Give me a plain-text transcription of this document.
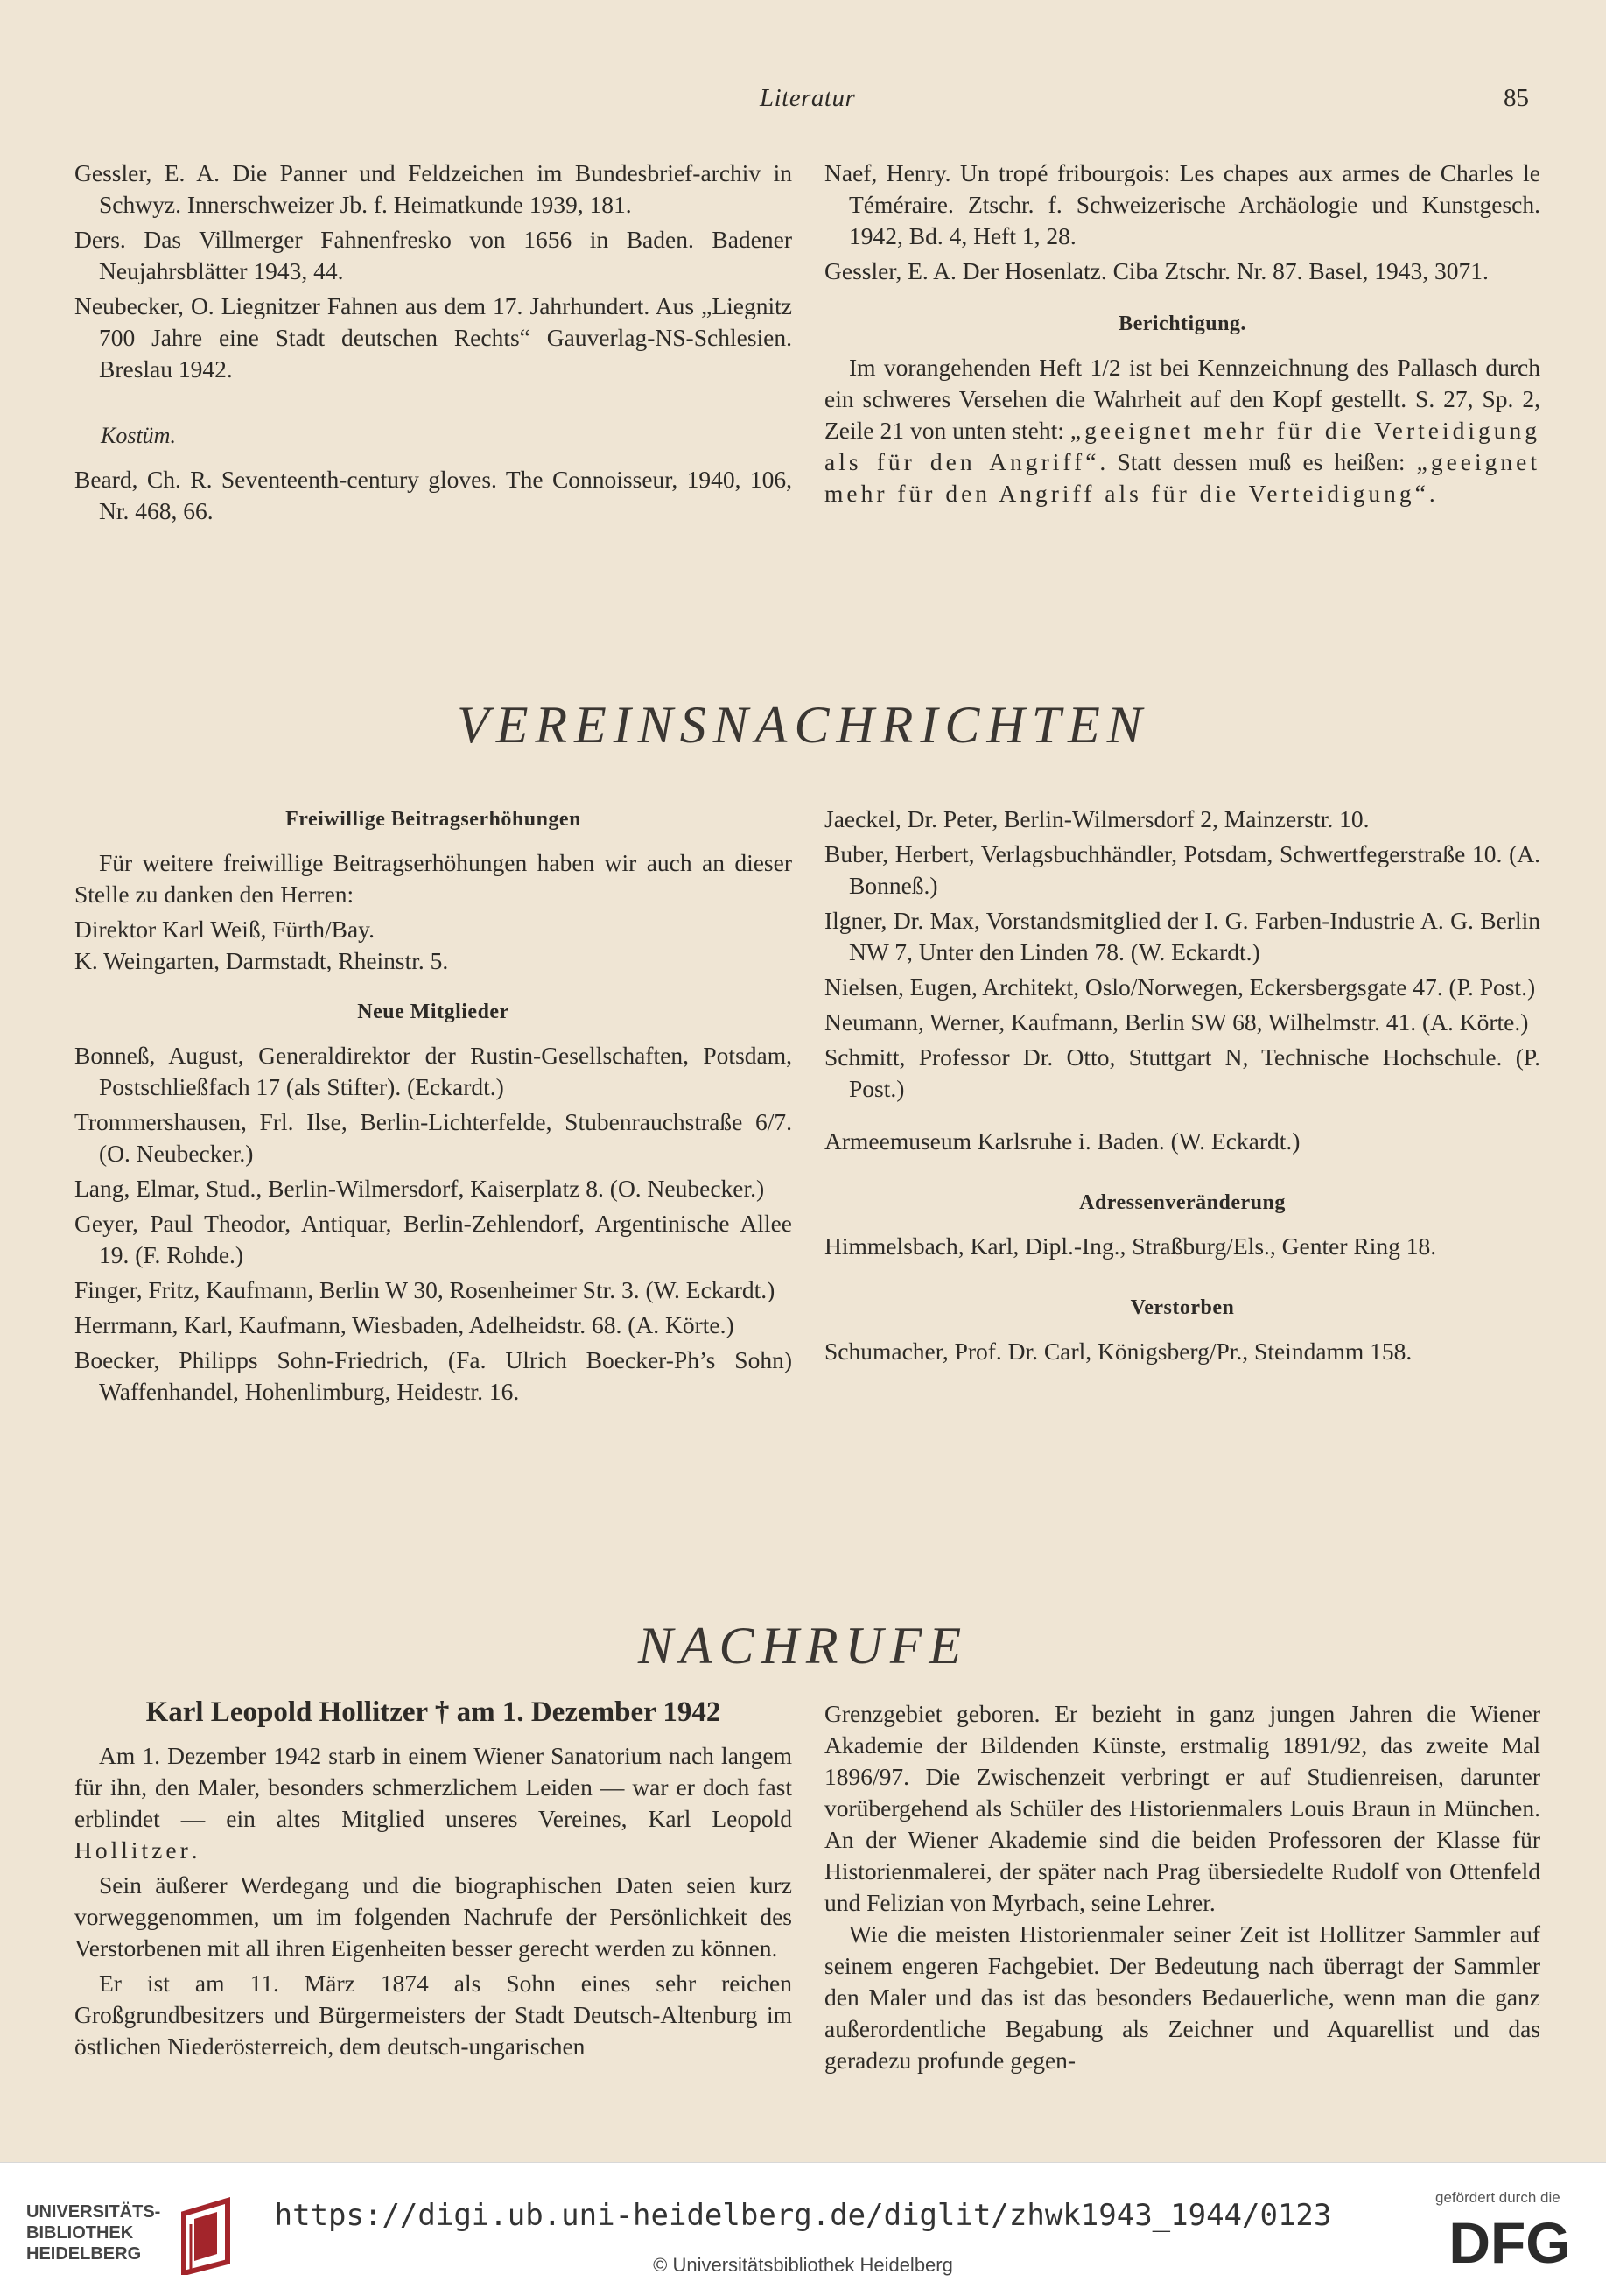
Literatur	85

Gessler, E. A. Die Panner und Feldzeichen im Bundesbrief-archiv in Schwyz. Innerschweizer Jb. f. Heimatkunde 1939, 181.

Ders. Das Villmerger Fahnenfresko von 1656 in Baden. Badener Neujahrsblätter 1943, 44.

Neubecker, O. Liegnitzer Fahnen aus dem 17. Jahrhundert. Aus „Liegnitz 700 Jahre eine Stadt deutschen Rechts“ Gauverlag-NS-Schlesien. Breslau 1942.

Kostüm.

Beard, Ch. R. Seventeenth-century gloves. The Connoisseur, 1940, 106, Nr. 468, 66.

Naef, Henry. Un tropé fribourgois: Les chapes aux armes de Charles le Téméraire. Ztschr. f. Schweizerische Archäologie und Kunstgesch. 1942, Bd. 4, Heft 1, 28.

Gessler, E. A. Der Hosenlatz. Ciba Ztschr. Nr. 87. Basel, 1943, 3071.

Berichtigung.

Im vorangehenden Heft 1/2 ist bei Kennzeichnung des Pallasch durch ein schweres Versehen die Wahrheit auf den Kopf gestellt. S. 27, Sp. 2, Zeile 21 von unten steht: „geeignet mehr für die Verteidigung als für den Angriff“. Statt dessen muß es heißen: „geeignet mehr für den Angriff als für die Verteidigung“.

VEREINSNACHRICHTEN

Freiwillige Beitragserhöhungen

Für weitere freiwillige Beitragserhöhungen haben wir auch an dieser Stelle zu danken den Herren:

Direktor Karl Weiß, Fürth/Bay.

K. Weingarten, Darmstadt, Rheinstr. 5.

Neue Mitglieder

Bonneß, August, Generaldirektor der Rustin-Gesellschaften, Potsdam, Postschließfach 17 (als Stifter). (Eckardt.)

Trommershausen, Frl. Ilse, Berlin-Lichterfelde, Stubenrauchstraße 6/7. (O. Neubecker.)

Lang, Elmar, Stud., Berlin-Wilmersdorf, Kaiserplatz 8. (O. Neubecker.)

Geyer, Paul Theodor, Antiquar, Berlin-Zehlendorf, Argentinische Allee 19. (F. Rohde.)

Finger, Fritz, Kaufmann, Berlin W 30, Rosenheimer Str. 3. (W. Eckardt.)

Herrmann, Karl, Kaufmann, Wiesbaden, Adelheidstr. 68. (A. Körte.)

Boecker, Philipps Sohn-Friedrich, (Fa. Ulrich Boecker-Ph’s Sohn) Waffenhandel, Hohenlimburg, Heidestr. 16.

Jaeckel, Dr. Peter, Berlin-Wilmersdorf 2, Mainzerstr. 10.

Buber, Herbert, Verlagsbuchhändler, Potsdam, Schwertfegerstraße 10. (A. Bonneß.)

Ilgner, Dr. Max, Vorstandsmitglied der I. G. Farben-Industrie A. G. Berlin NW 7, Unter den Linden 78. (W. Eckardt.)

Nielsen, Eugen, Architekt, Oslo/Norwegen, Eckersbergsgate 47. (P. Post.)

Neumann, Werner, Kaufmann, Berlin SW 68, Wilhelmstr. 41. (A. Körte.)

Schmitt, Professor Dr. Otto, Stuttgart N, Technische Hochschule. (P. Post.)

Armeemuseum Karlsruhe i. Baden. (W. Eckardt.)

Adressenveränderung

Himmelsbach, Karl, Dipl.-Ing., Straßburg/Els., Genter Ring 18.

Verstorben

Schumacher, Prof. Dr. Carl, Königsberg/Pr., Steindamm 158.

NACHRUFE

Karl Leopold Hollitzer † am 1. Dezember 1942

Am 1. Dezember 1942 starb in einem Wiener Sanatorium nach langem für ihn, den Maler, besonders schmerzlichem Leiden — war er doch fast erblindet — ein altes Mitglied unseres Vereines, Karl Leopold Hollitzer.

Sein äußerer Werdegang und die biographischen Daten seien kurz vorweggenommen, um im folgenden Nachrufe der Persönlichkeit des Verstorbenen mit all ihren Eigenheiten besser gerecht werden zu können.

Er ist am 11. März 1874 als Sohn eines sehr reichen Großgrundbesitzers und Bürgermeisters der Stadt Deutsch-Altenburg im östlichen Niederösterreich, dem deutsch-ungarischen

Grenzgebiet geboren. Er bezieht in ganz jungen Jahren die Wiener Akademie der Bildenden Künste, erstmalig 1891/92, das zweite Mal 1896/97. Die Zwischenzeit verbringt er auf Studienreisen, darunter vorübergehend als Schüler des Historienmalers Louis Braun in München. An der Wiener Akademie sind die beiden Professoren der Klasse für Historienmalerei, der später nach Prag übersiedelte Rudolf von Ottenfeld und Felizian von Myrbach, seine Lehrer.

Wie die meisten Historienmaler seiner Zeit ist Hollitzer Sammler auf seinem engeren Fachgebiet. Der Bedeutung nach überragt der Sammler den Maler und das ist das besonders Bedauerliche, wenn man die ganz außerordentliche Begabung als Zeichner und Aquarellist und das geradezu profunde gegen-

UNIVERSITÄTS-
BIBLIOTHEK
HEIDELBERG
https://digi.ub.uni-heidelberg.de/diglit/zhwk1943_1944/0123
© Universitätsbibliothek Heidelberg
gefördert durch die
DFG
